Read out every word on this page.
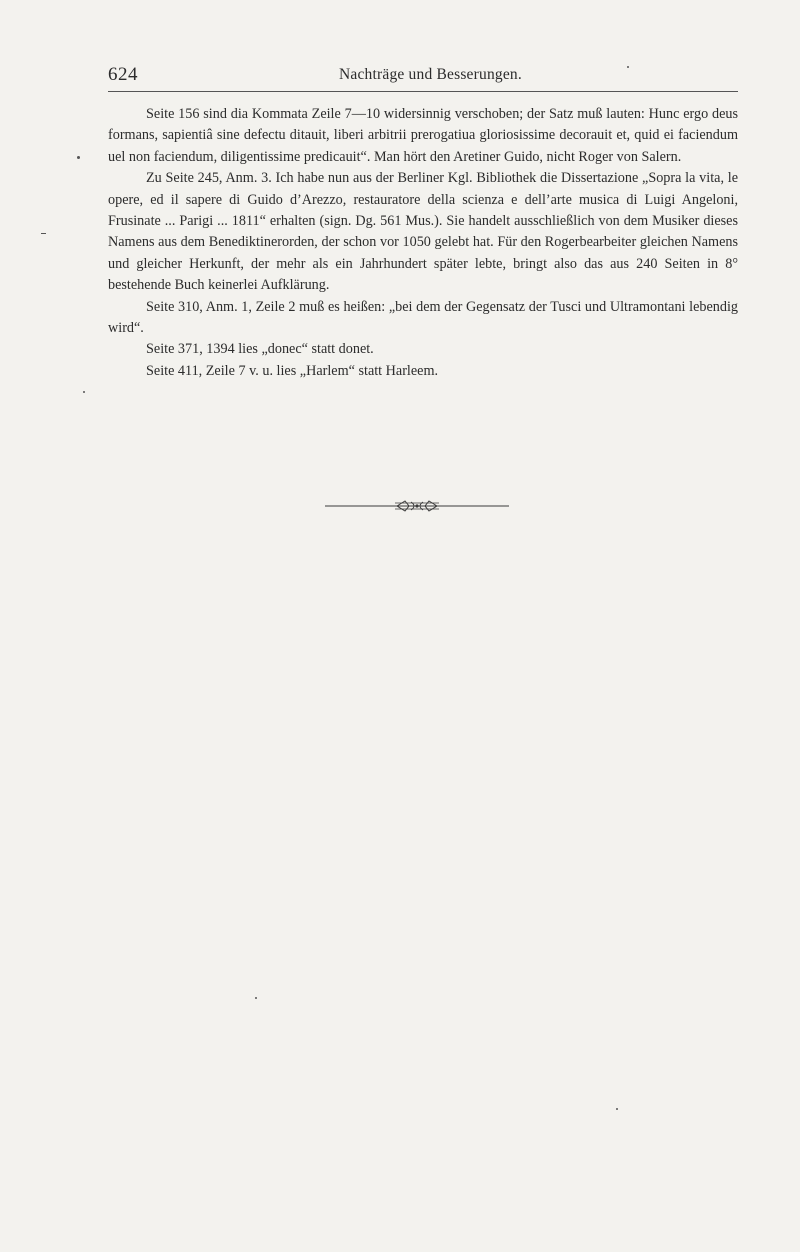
624	Nachträge und Besserungen.

Seite 156 sind dia Kommata Zeile 7—10 widersinnig verschoben; der Satz muß lauten: Hunc ergo deus formans, sapientiâ sine defectu ditauit, liberi arbitrii prerogatiua gloriosissime decorauit et, quid ei faciendum uel non faciendum, diligentissime predicauit“. Man hört den Aretiner Guido, nicht Roger von Salern.

Zu Seite 245, Anm. 3. Ich habe nun aus der Berliner Kgl. Bibliothek die Dissertazione „Sopra la vita, le opere, ed il sapere di Guido d’Arezzo, restauratore della scienza e dell’arte musica di Luigi Angeloni, Frusinate ... Parigi ... 1811“ erhalten (sign. Dg. 561 Mus.). Sie handelt ausschließlich von dem Musiker dieses Namens aus dem Benediktinerorden, der schon vor 1050 gelebt hat. Für den Rogerbearbeiter gleichen Namens und gleicher Herkunft, der mehr als ein Jahrhundert später lebte, bringt also das aus 240 Seiten in 8° bestehende Buch keinerlei Aufklärung.

Seite 310, Anm. 1, Zeile 2 muß es heißen: „bei dem der Gegensatz der Tusci und Ultramontani lebendig wird“.

Seite 371, 1394 lies „donec“ statt donet.

Seite 411, Zeile 7 v. u. lies „Harlem“ statt Harleem.
